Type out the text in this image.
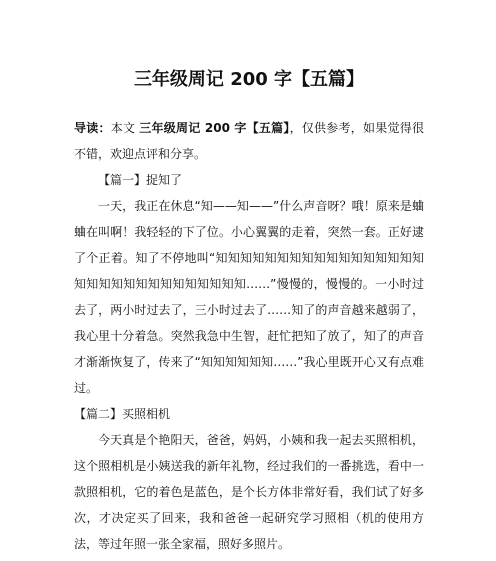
三年级周记 200 字【五篇】

导读：本文 三年级周记 200 字【五篇】，仅供参考，如果觉得很不错，欢迎点评和分享。

【篇一】捉知了

一天，我正在休息“知——知——”什么声音呀？哦！原来是蛐蛐在叫啊！我轻轻的下了位。小心翼翼的走着，突然一套。正好逮了个正着。知了不停地叫“知知知知知知知知知知知知知知知知知知知知知知知知知知知知知知知……”慢慢的，慢慢的。一小时过去了，两小时过去了，三小时过去了……知了的声音越来越弱了，我心里十分着急。突然我急中生智，赶忙把知了放了，知了的声音才渐渐恢复了，传来了“知知知知知知……”我心里既开心又有点难过。

【篇二】买照相机

今天真是个艳阳天，爸爸，妈妈，小姨和我一起去买照相机，这个照相机是小姨送我的新年礼物，经过我们的一番挑选，看中一款照相机，它的着色是蓝色，是个长方体非常好看，我们试了好多次，才决定买了回来，我和爸爸一起研究学习照相（机的使用方法，等过年照一张全家福，照好多照片。
